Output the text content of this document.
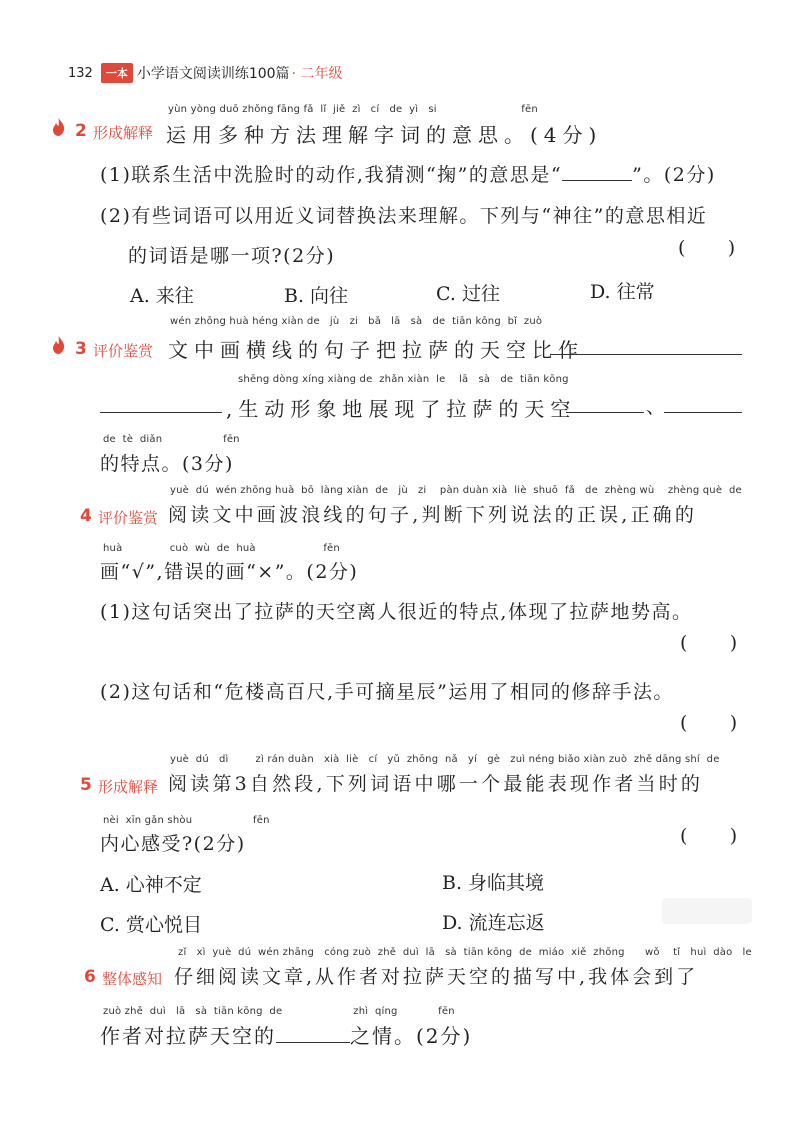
132	一本 小学语文阅读训练100篇 · 二年级
yùn yòng duō zhǒng fāng fǎ  lǐ  jiě  zì   cí   de  yì   si                         fēn
2 形成解释 运用多种方法理解字词的意思。(4分)
(1)联系生活中洗脸时的动作,我猜测“掬”的意思是“	”。(2分)
(2)有些词语可以用近义词替换法来理解。下列与“神往”的意思相近
的词语是哪一项?(2分)	(       )
A. 来往	B. 向往	C. 过往	D. 往常
wén zhōng huà héng xiàn de   jù   zi   bǎ   lā   sà   de  tiān kōng  bǐ  zuò
3 评价鉴赏 文中画横线的句子把拉萨的天空比作
shēng dòng xíng xiàng de  zhǎn xiàn  le    lā   sà   de  tiān kōng
,生动形象地展现了拉萨的天空	、
de  tè  diǎn                  fēn
的特点。(3分)
yuè  dú  wén zhōng huà  bō  làng xiàn  de   jù   zi    pàn duàn xià  liè  shuō  fǎ   de  zhèng wù    zhèng què  de
4 评价鉴赏 阅读文中画波浪线的句子,判断下列说法的正误,正确的
huà              cuò  wù  de  huà                    fēn
画“√”,错误的画“×”。(2分)
(1)这句话突出了拉萨的天空离人很近的特点,体现了拉萨地势高。
(       )
(2)这句话和“危楼高百尺,手可摘星辰”运用了相同的修辞手法。
(       )
yuè  dú   dì        zì rán duàn   xià  liè   cí   yǔ  zhōng  nǎ   yí   gè   zuì néng biǎo xiàn zuò  zhě dāng shí  de
5 形成解释 阅读第3自然段,下列词语中哪一个最能表现作者当时的
nèi  xīn gǎn shòu                  fēn
内心感受?(2分)	(       )
A. 心神不定	B. 身临其境
C. 赏心悦目	D. 流连忘返
zǐ   xì  yuè  dú  wén zhāng   cóng zuò  zhě  duì  lā   sà  tiān kōng  de  miáo  xiě  zhōng      wǒ    tǐ   huì  dào   le
6 整体感知 仔细阅读文章,从作者对拉萨天空的描写中,我体会到了
zuò zhě  duì   lā   sà  tiān kōng  de                     zhì  qíng            fēn
作者对拉萨天空的	之情。(2分)
